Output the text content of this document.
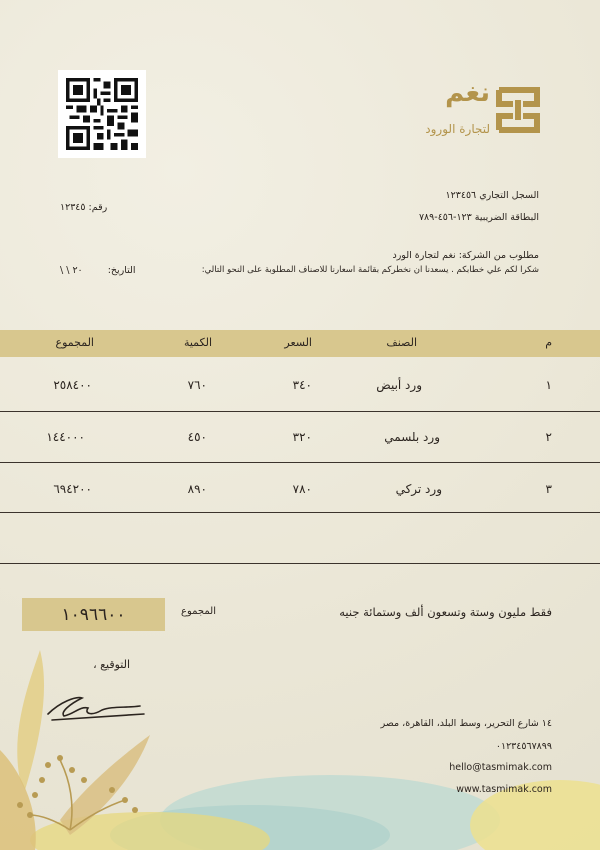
نغم
لتجارة الورود
السجل التجاري ١٢٣٤٥٦
البطاقة الضريبية ١٢٣-٤٥٦-٧٨٩
رقم: ١٢٣٤٥
مطلوب من الشركة: نغم لتجارة الورد
شكرا لكم علي خطابكم . يسعدنا ان نخطركم بقائمة اسعارنا للاصناف المطلوبة على النحو التالي:
التاريخ: ٢٠ \ \
م
الصنف
السعر
الكمية
المجموع
١
ورد أبيض
٣٤٠
٧٦٠
٢٥٨٤٠٠
٢
ورد بلسمي
٣٢٠
٤٥٠
١٤٤٠٠٠
٣
ورد تركي
٧٨٠
٨٩٠
٦٩٤٢٠٠
فقط مليون وستة وتسعون ألف وستمائة جنيه
المجموع
١٠٩٦٦٠٠
التوقيع ،
١٤ شارع التحرير، وسط البلد، القاهرة، مصر
٠١٢٣٤٥٦٧٨٩٩
hello@tasmimak.com
www.tasmimak.com
